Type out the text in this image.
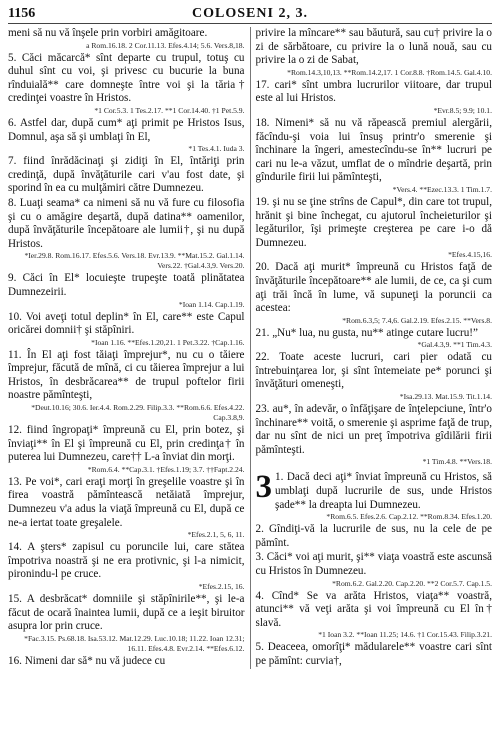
1156	COLOSENI 2, 3.

meni să nu vă înşele prin vorbiri amăgitoare.

a Rom.16.18. 2 Cor.11.13. Efes.4.14; 5.6. Vers.8,18.

5. Căci măcarcă* sînt departe cu trupul, totuş cu duhul sînt cu voi, şi privesc cu bucurie la buna rînduială** care domneşte între voi şi la tăria† credinţei voastre în Hristos.

*1 Cor.5.3. 1 Tes.2.17. **1 Cor.14.40. †1 Pet.5.9.

6. Astfel dar, după cum* aţi primit pe Hristos Isus, Domnul, aşa să şi umblaţi în El,

*1 Tes.4.1. Iuda 3.

7. fiind înrădăcinaţi şi zidiţi în El, întăriţi prin credinţă, după învăţăturile cari v'au fost date, şi sporind în ea cu mulţămiri către Dumnezeu.

8. Luaţi seama* ca nimeni să nu vă fure cu filosofia şi cu o amăgire deşartă, după datina** oamenilor, după învăţăturile începătoare ale lumii†, şi nu după Hristos.

*Ier.29.8. Rom.16.17. Efes.5.6. Vers.18. Evr.13.9. **Mat.15.2. Gal.1.14. Vers.22. †Gal.4.3,9. Vers.20.

9. Căci în El* locuieşte trupeşte toată plinătatea Dumnezeirii.

*Ioan 1.14. Cap.1.19.

10. Voi aveţi totul deplin* în El, care** este Capul oricărei domnii† şi stăpîniri.

*Ioan 1.16. **Efes.1.20,21. 1 Pet.3.22. †Cap.1.16.

11. În El aţi fost tăiaţi împrejur*, nu cu o tăiere împrejur, făcută de mînă, ci cu tăierea împrejur a lui Hristos, în desbrăcarea** de trupul poftelor firii noastre pămînteşti,

*Deut.10.16; 30.6. Ier.4.4. Rom.2.29. Filip.3.3. **Rom.6.6. Efes.4.22. Cap.3.8,9.

12. fiind îngropaţi* împreună cu El, prin botez, şi înviaţi** în El şi împreună cu El, prin credinţa† în puterea lui Dumnezeu, care†† L-a înviat din morţi.

*Rom.6.4. **Cap.3.1. †Efes.1.19; 3.7. ††Fapt.2.24.

13. Pe voi*, cari eraţi morţi în greşelile voastre şi în firea voastră pămîntească netăiată împrejur, Dumnezeu v'a adus la viaţă împreună cu El, după ce ne-a iertat toate greşalele.

*Efes.2.1, 5, 6, 11.

14. A şters* zapisul cu poruncile lui, care stătea împotriva noastră şi ne era protivnic, şi l-a nimicit, pironindu-l pe cruce.

*Efes.2.15, 16.

15. A desbrăcat* domniile şi stăpînirile**, şi le-a făcut de ocară înaintea lumii, după ce a ieşit biruitor asupra lor prin cruce.

*Fac.3.15. Ps.68.18. Isa.53.12. Mat.12.29. Luc.10.18; 11.22. Ioan 12.31; 16.11. Efes.4.8. Evr.2.14. **Efes.6.12.

16. Nimeni dar să* nu vă judece cu

privire la mîncare** sau băutură, sau cu† privire la o zi de sărbătoare, cu privire la o lună nouă, sau cu privire la o zi de Sabat,

*Rom.14.3,10,13. **Rom.14.2,17. 1 Cor.8.8. †Rom.14.5. Gal.4.10.

17. cari* sînt umbra lucrurilor viitoare, dar trupul este al lui Hristos.

*Evr.8.5; 9.9; 10.1.

18. Nimeni* să nu vă răpească premiul alergării, făcîndu-şi voia lui însuş printr'o smerenie şi închinare la îngeri, amestecîndu-se în** lucruri pe cari nu le-a văzut, umflat de o mîndrie deşartă, prin gîndurile firii lui pămînteşti,

*Vers.4. **Ezec.13.3. 1 Tim.1.7.

19. şi nu se ţine strîns de Capul*, din care tot trupul, hrănit şi bine închegat, cu ajutorul încheieturilor şi legăturilor, îşi primeşte creşterea pe care i-o dă Dumnezeu.

*Efes.4.15,16.

20. Dacă aţi murit* împreună cu Hristos faţă de învăţăturile începătoare** ale lumii, de ce, ca şi cum aţi trăi încă în lume, vă supuneţi la poruncii ca acestea:

*Rom.6.3,5; 7.4,6. Gal.2.19. Efes.2.15. **Vers.8.

21. „Nu* lua, nu gusta, nu** atinge cutare lucru!”

*Gal.4.3,9. **1 Tim.4.3.

22. Toate aceste lucruri, cari pier odată cu întrebuinţarea lor, şi sînt întemeiate pe* porunci şi învăţături omeneşti,

*Isa.29.13. Mat.15.9. Tit.1.14.

23. au*, în adevăr, o înfăţişare de înţelepciune, într'o închinare** voită, o smerenie şi asprime faţă de trup, dar nu sînt de nici un preţ împotriva gîdilării firii pămînteşti.

*1 Tim.4.8. **Vers.18.

3 1. Dacă deci aţi* înviat împreună cu Hristos, să umblaţi după lucrurile de sus, unde Hristos şade** la dreapta lui Dumnezeu.

*Rom.6.5. Efes.2.6. Cap.2.12. **Rom.8.34. Efes.1.20.

2. Gîndiţi-vă la lucrurile de sus, nu la cele de pe pămînt.

3. Căci* voi aţi murit, şi** viaţa voastră este ascunsă cu Hristos în Dumnezeu.

*Rom.6.2. Gal.2.20. Cap.2.20. **2 Cor.5.7. Cap.1.5.

4. Cînd* Se va arăta Hristos, viaţa** voastră, atunci** vă veţi arăta şi voi împreună cu El în† slavă.

*1 Ioan 3.2. **Ioan 11.25; 14.6. †1 Cor.15.43. Filip.3.21.

5. Deaceea, omorîţi* mădularele** voastre cari sînt pe pămînt: curvia†,
